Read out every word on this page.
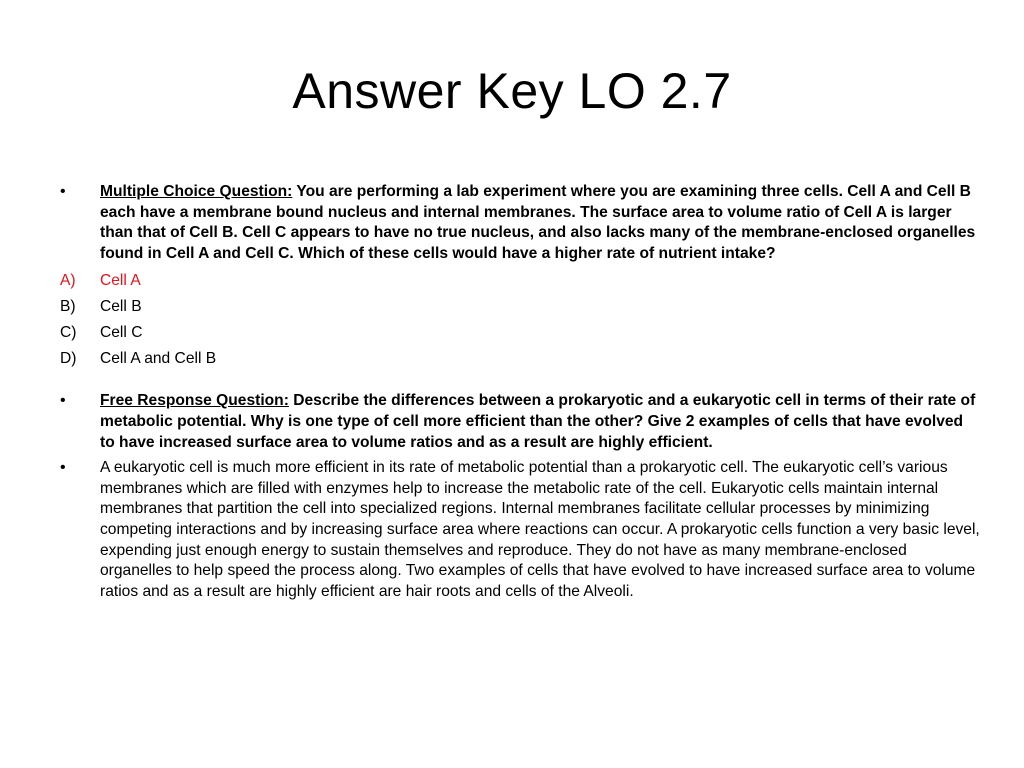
Answer Key LO 2.7
•	Multiple Choice Question: You are performing a lab experiment where you are examining three cells. Cell A and Cell B each have a membrane bound nucleus and internal membranes. The surface area to volume ratio of Cell A is larger than that of Cell B. Cell C appears to have no true nucleus, and also lacks many of the membrane-enclosed organelles found in Cell A and Cell C. Which of these cells would have a higher rate of nutrient intake?
A)	Cell A
B)	Cell B
C)	Cell C
D)	Cell A and Cell B
•	Free Response Question: Describe the differences between a prokaryotic and a eukaryotic cell in terms of their rate of metabolic potential. Why is one type of cell more efficient than the other? Give 2 examples of cells that have evolved to have increased surface area to volume ratios and as a result are highly efficient.
•	A eukaryotic cell is much more efficient in its rate of metabolic potential than a prokaryotic cell. The eukaryotic cell’s various membranes which are filled with enzymes help to increase the metabolic rate of the cell. Eukaryotic cells maintain internal membranes that partition the cell into specialized regions. Internal membranes facilitate cellular processes by minimizing competing interactions and by increasing surface area where reactions can occur. A prokaryotic cells function a very basic level, expending just enough energy to sustain themselves and reproduce. They do not have as many membrane-enclosed organelles to help speed the process along. Two examples of cells that have evolved to have increased surface area to volume ratios and as a result are highly efficient are hair roots and cells of the Alveoli.
